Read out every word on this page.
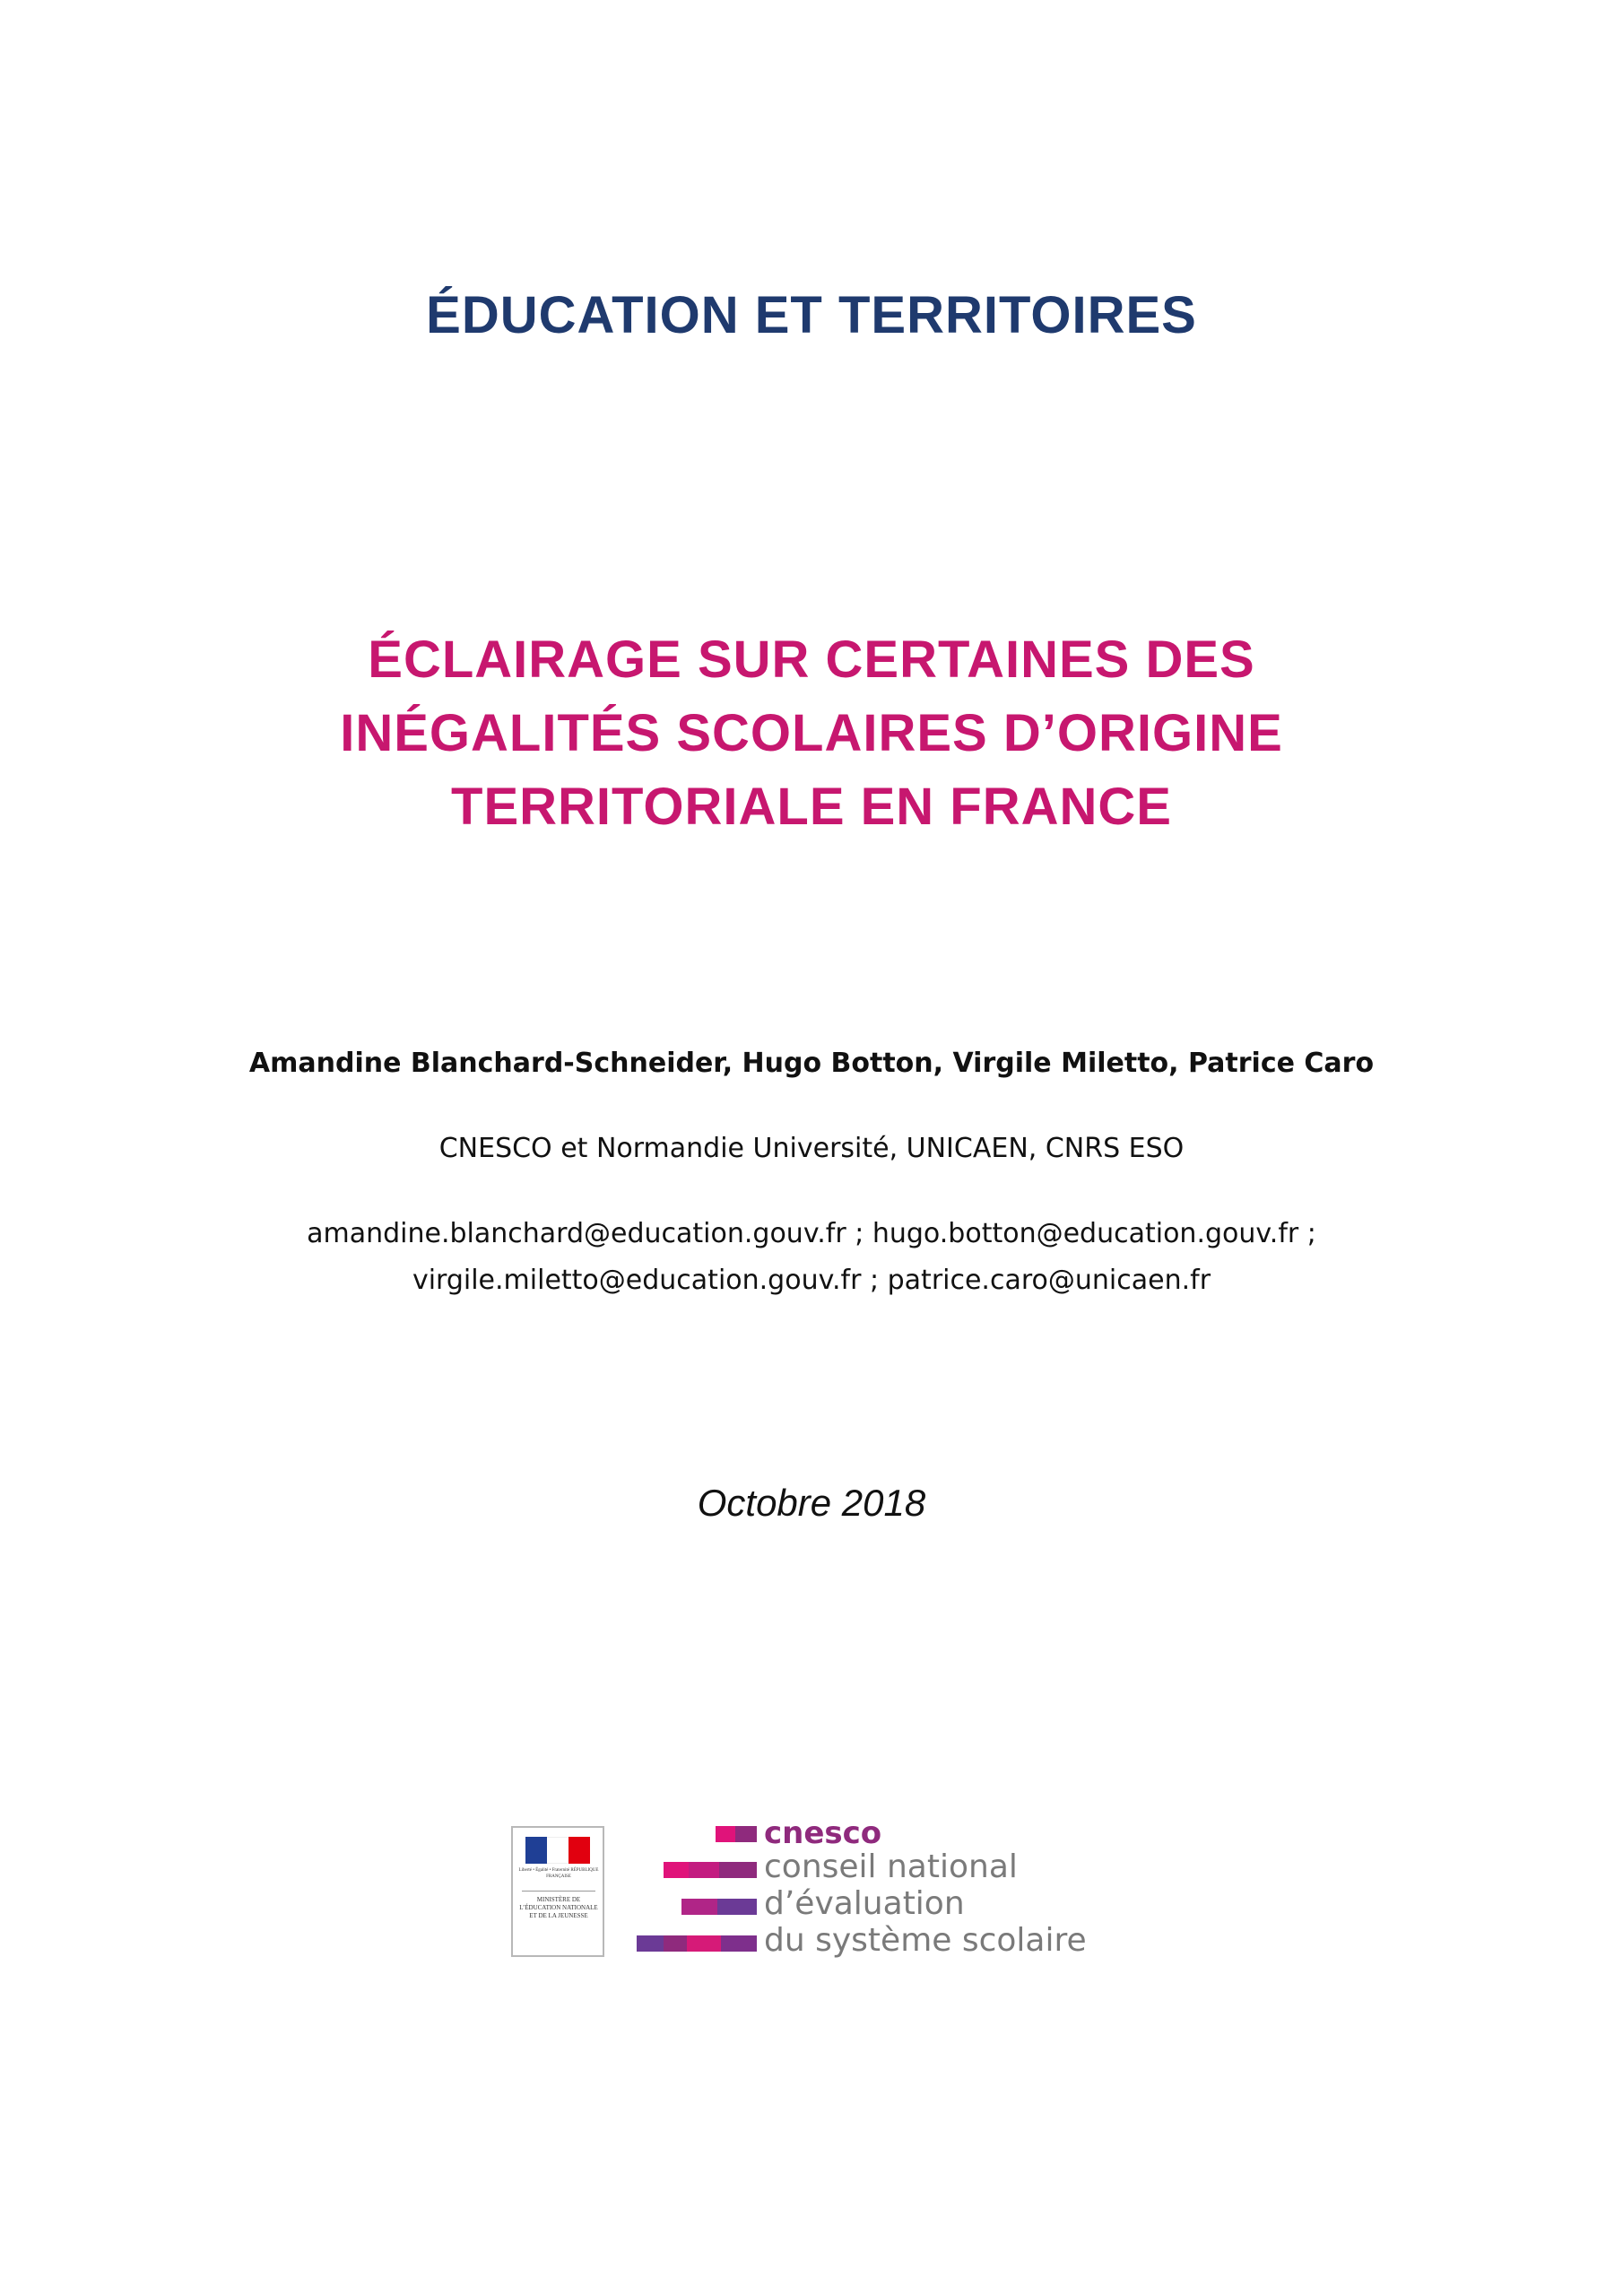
ÉDUCATION ET TERRITOIRES
ÉCLAIRAGE SUR CERTAINES DES
INÉGALITÉS SCOLAIRES D’ORIGINE
TERRITORIALE EN FRANCE
Amandine Blanchard-Schneider, Hugo Botton, Virgile Miletto, Patrice Caro
CNESCO et Normandie Université, UNICAEN, CNRS ESO
amandine.blanchard@education.gouv.fr ; hugo.botton@education.gouv.fr ;
virgile.miletto@education.gouv.fr ; patrice.caro@unicaen.fr
Octobre 2018
Liberté • Égalité • Fraternité RÉPUBLIQUE FRANÇAISE
MINISTÈRE DE L’ÉDUCATION NATIONALE ET DE LA JEUNESSE
cnesco
conseil national
d’évaluation
du système scolaire
